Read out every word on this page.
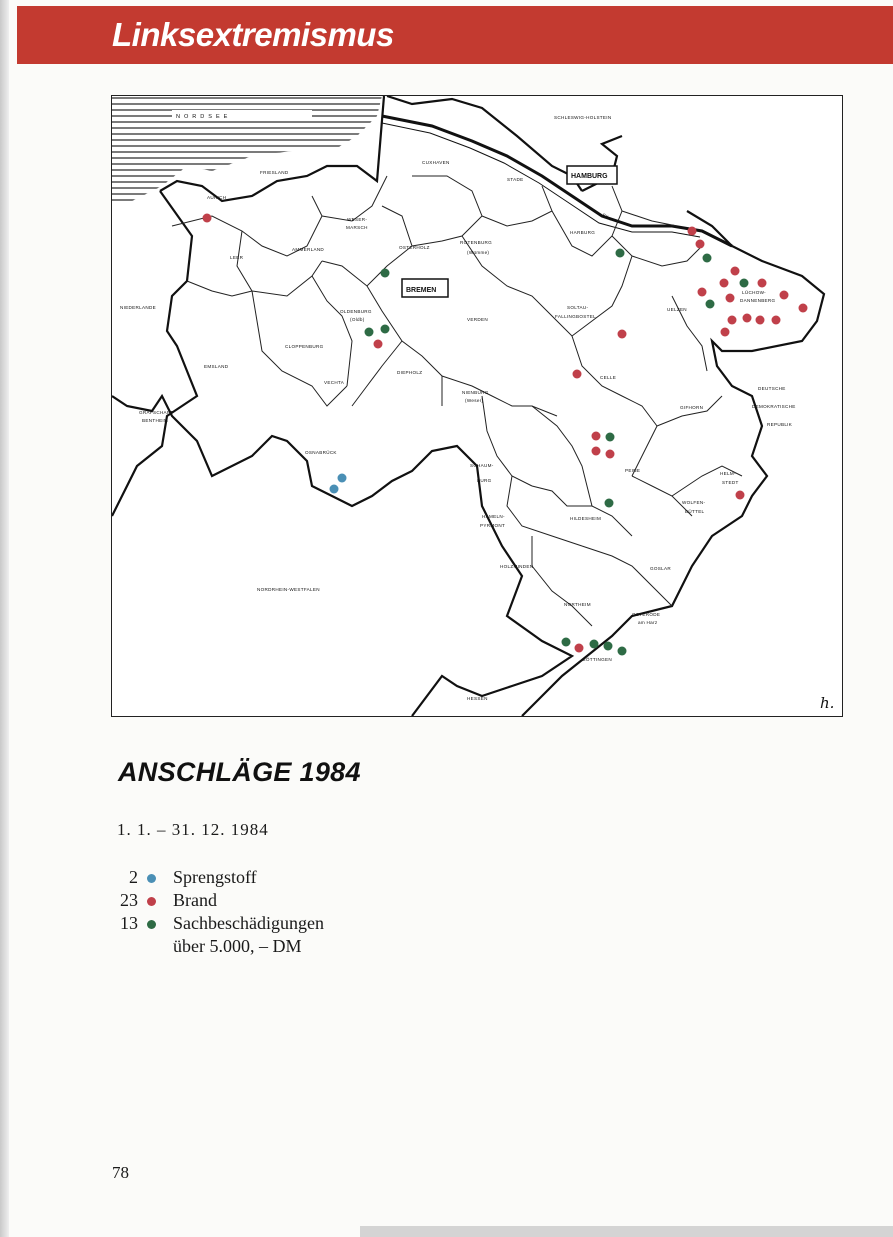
Linksextremismus
N O R D S E E
Elbe
HAMBURG
BREMEN
SCHLESWIG-HOLSTEIN
NIEDERLANDE
NORDRHEIN-WESTFALEN
HESSEN
DEUTSCHE
DEMOKRATISCHE
REPUBLIK
FRIESLAND
AURICH
LEER
WESER-
MARSCH
AMMERLAND
CUXHAVEN
STADE
HARBURG
ROTENBURG
(Wümme)
OSTERHOLZ
OLDENBURG
(Oldb)	VERDEN
SOLTAU-
FALLINGBOSTEL
UELZEN
LÜCHOW-
DANNENBERG
CLOPPENBURG
EMSLAND
VECHTA
DIEPHOLZ
CELLE
NIENBURG
(Weser)
GIFHORN
GRAFSCHAFT
BENTHEIM
OSNABRÜCK
SCHAUM-
BURG
PEINE
HELM-
STEDT
WOLFEN-
BÜTTEL
HAMELN-
PYRMONT
HILDESHEIM
HOLZMINDEN	GOSLAR
NORTHEIM
OSTERODE
am Harz
GÖTTINGEN
h.
ANSCHLÄGE 1984
1. 1. – 31. 12. 1984
2 Sprengstoff
23 Brand
13 Sachbeschädigungen
über 5.000, – DM
78
